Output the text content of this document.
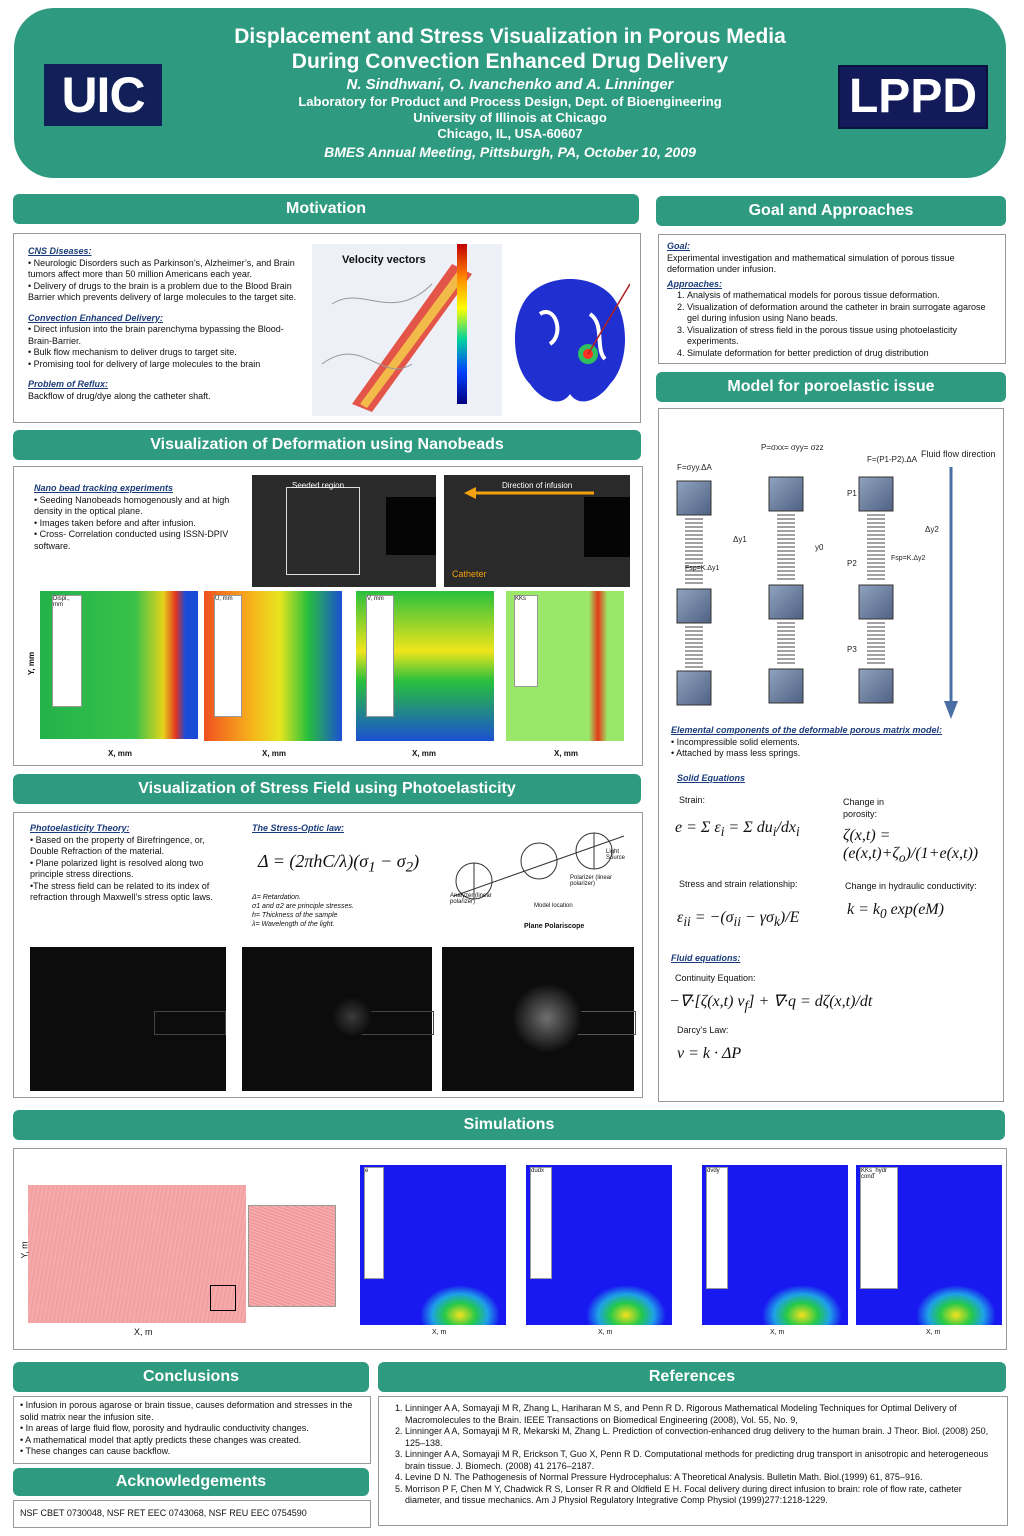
Displacement and Stress Visualization in Porous Media
During Convection Enhanced Drug Delivery
N. Sindhwani, O. Ivanchenko and A. Linninger
Laboratory for Product and Process Design, Dept. of Bioengineering
University of Illinois at Chicago
Chicago, IL, USA-60607
BMES Annual Meeting, Pittsburgh, PA, October 10, 2009
UIC	LPPD
Motivation
CNS Diseases:
• Neurologic Disorders such as Parkinson’s, Alzheimer’s, and Brain tumors affect more than 50 million Americans each year.
• Delivery of drugs to the brain is a problem due to the Blood Brain Barrier which prevents delivery of large molecules to the target site.
Convection Enhanced Delivery:
• Direct infusion into the brain parenchyma bypassing the Blood-Brain-Barrier.
• Bulk flow mechanism to deliver drugs to target site.
• Promising tool for delivery of large molecules to the brain
Problem of Reflux:
Backflow of drug/dye along the catheter shaft.
Velocity vectors
Goal and Approaches
Goal:
Experimental investigation and mathematical simulation of porous tissue deformation under infusion.
Approaches:
1. Analysis of mathematical models for porous tissue deformation.
2. Visualization of deformation around the catheter in brain surrogate agarose gel during infusion using Nano beads.
3. Visualization of stress field in the porous tissue using photoelasticity experiments.
4. Simulate deformation for better prediction of drug distribution
Model for poroelastic issue
F=σyy.ΔA
P=σxx= σyy= σzz
F=(P1-P2).ΔA
Fluid flow direction
P1
P2
P3
Δy1
y0
Fsp=K.Δy1
Fsp=K.Δy2
Δy2
Elemental components of the deformable porous matrix model:
• Incompressible solid elements.
• Attached by mass less springs.
Solid Equations
Strain:	Change in porosity:
e = Σ $\varepsilon_i = \Sigma$ $du_i/dx_i$	$\zeta(x,t) = (e(x,t)+\zeta_o)/(1+e(x,t))$
Stress and strain relationship:	Change in hydraulic conductivity:
$\varepsilon_{ii} = -(\sigma_{ii} - \gamma\sigma_k)/E$	$k = k_0$ exp(eM)
Fluid equations:
Continuity Equation:
−∇·[ζ(x,t) $v_f] + \nabla\cdot q = d\zeta(x,t)/dt$
Darcy’s Law:
v = k · ΔP
Visualization of Deformation using Nanobeads
Nano bead tracking experiments
• Seeding Nanobeads homogenously and at high density in the optical plane.
• Images taken before and after infusion.
• Cross- Correlation conducted using ISSN-DPIV software.
Seeded region	Direction of infusion
Catheter
Displ., mm
U, mm	V, mm	KKs
X, mm	X, mm	X, mm	X, mm
Y, mm
Visualization of Stress Field using Photoelasticity
Photoelasticity Theory:
• Based on the property of Birefringence, or, Double Refraction of the material.
• Plane polarized light is resolved along two principle stress directions.
•The stress field can be related to its index of refraction through Maxwell’s stress optic laws.
The Stress-Optic law:
$\Delta = (2\pi hC/\lambda)(\sigma_1 - \sigma_2)$
Δ= Retardation.
σ1 and σ2 are principle stresses.
h= Thickness of the sample
λ= Wavelength of the light.
Analyzer (linear polarizer)
Polarizer (linear polarizer)
Model location
Light Source
Plane Polariscope
Simulations
X, m
Y, m
e	dudx	dvdy	KKs_hydr cond
X, m	X, m	X, m	X, m
Conclusions
• Infusion in porous agarose or brain tissue, causes deformation and stresses in the solid matrix near the infusion site.
• In areas of large fluid flow, porosity and hydraulic conductivity changes.
• A mathematical model that aptly predicts these changes was created.
• These changes can cause backflow.
Acknowledgements
NSF CBET 0730048, NSF RET EEC 0743068, NSF REU EEC 0754590
References
1. Linninger A A, Somayaji M R, Zhang L, Hariharan M S, and Penn R D. Rigorous Mathematical Modeling Techniques for Optimal Delivery of Macromolecules to the Brain. IEEE Transactions on Biomedical Engineering (2008), Vol. 55, No. 9,
2. Linninger A A, Somayaji M R, Mekarski M, Zhang L. Prediction of convection-enhanced drug delivery to the human brain. J Theor. Biol. (2008) 250, 125–138.
3. Linninger A A, Somayaji M R, Erickson T, Guo X, Penn R D. Computational methods for predicting drug transport in anisotropic and heterogeneous brain tissue. J. Biomech. (2008) 41 2176–2187.
4. Levine D N. The Pathogenesis of Normal Pressure Hydrocephalus: A Theoretical Analysis. Bulletin Math. Biol.(1999) 61, 875–916.
5. Morrison P F, Chen M Y, Chadwick R S, Lonser R R and Oldfield E H. Focal delivery during direct infusion to brain: role of flow rate, catheter diameter, and tissue mechanics. Am J Physiol Regulatory Integrative Comp Physiol (1999)277:1218-1229.
